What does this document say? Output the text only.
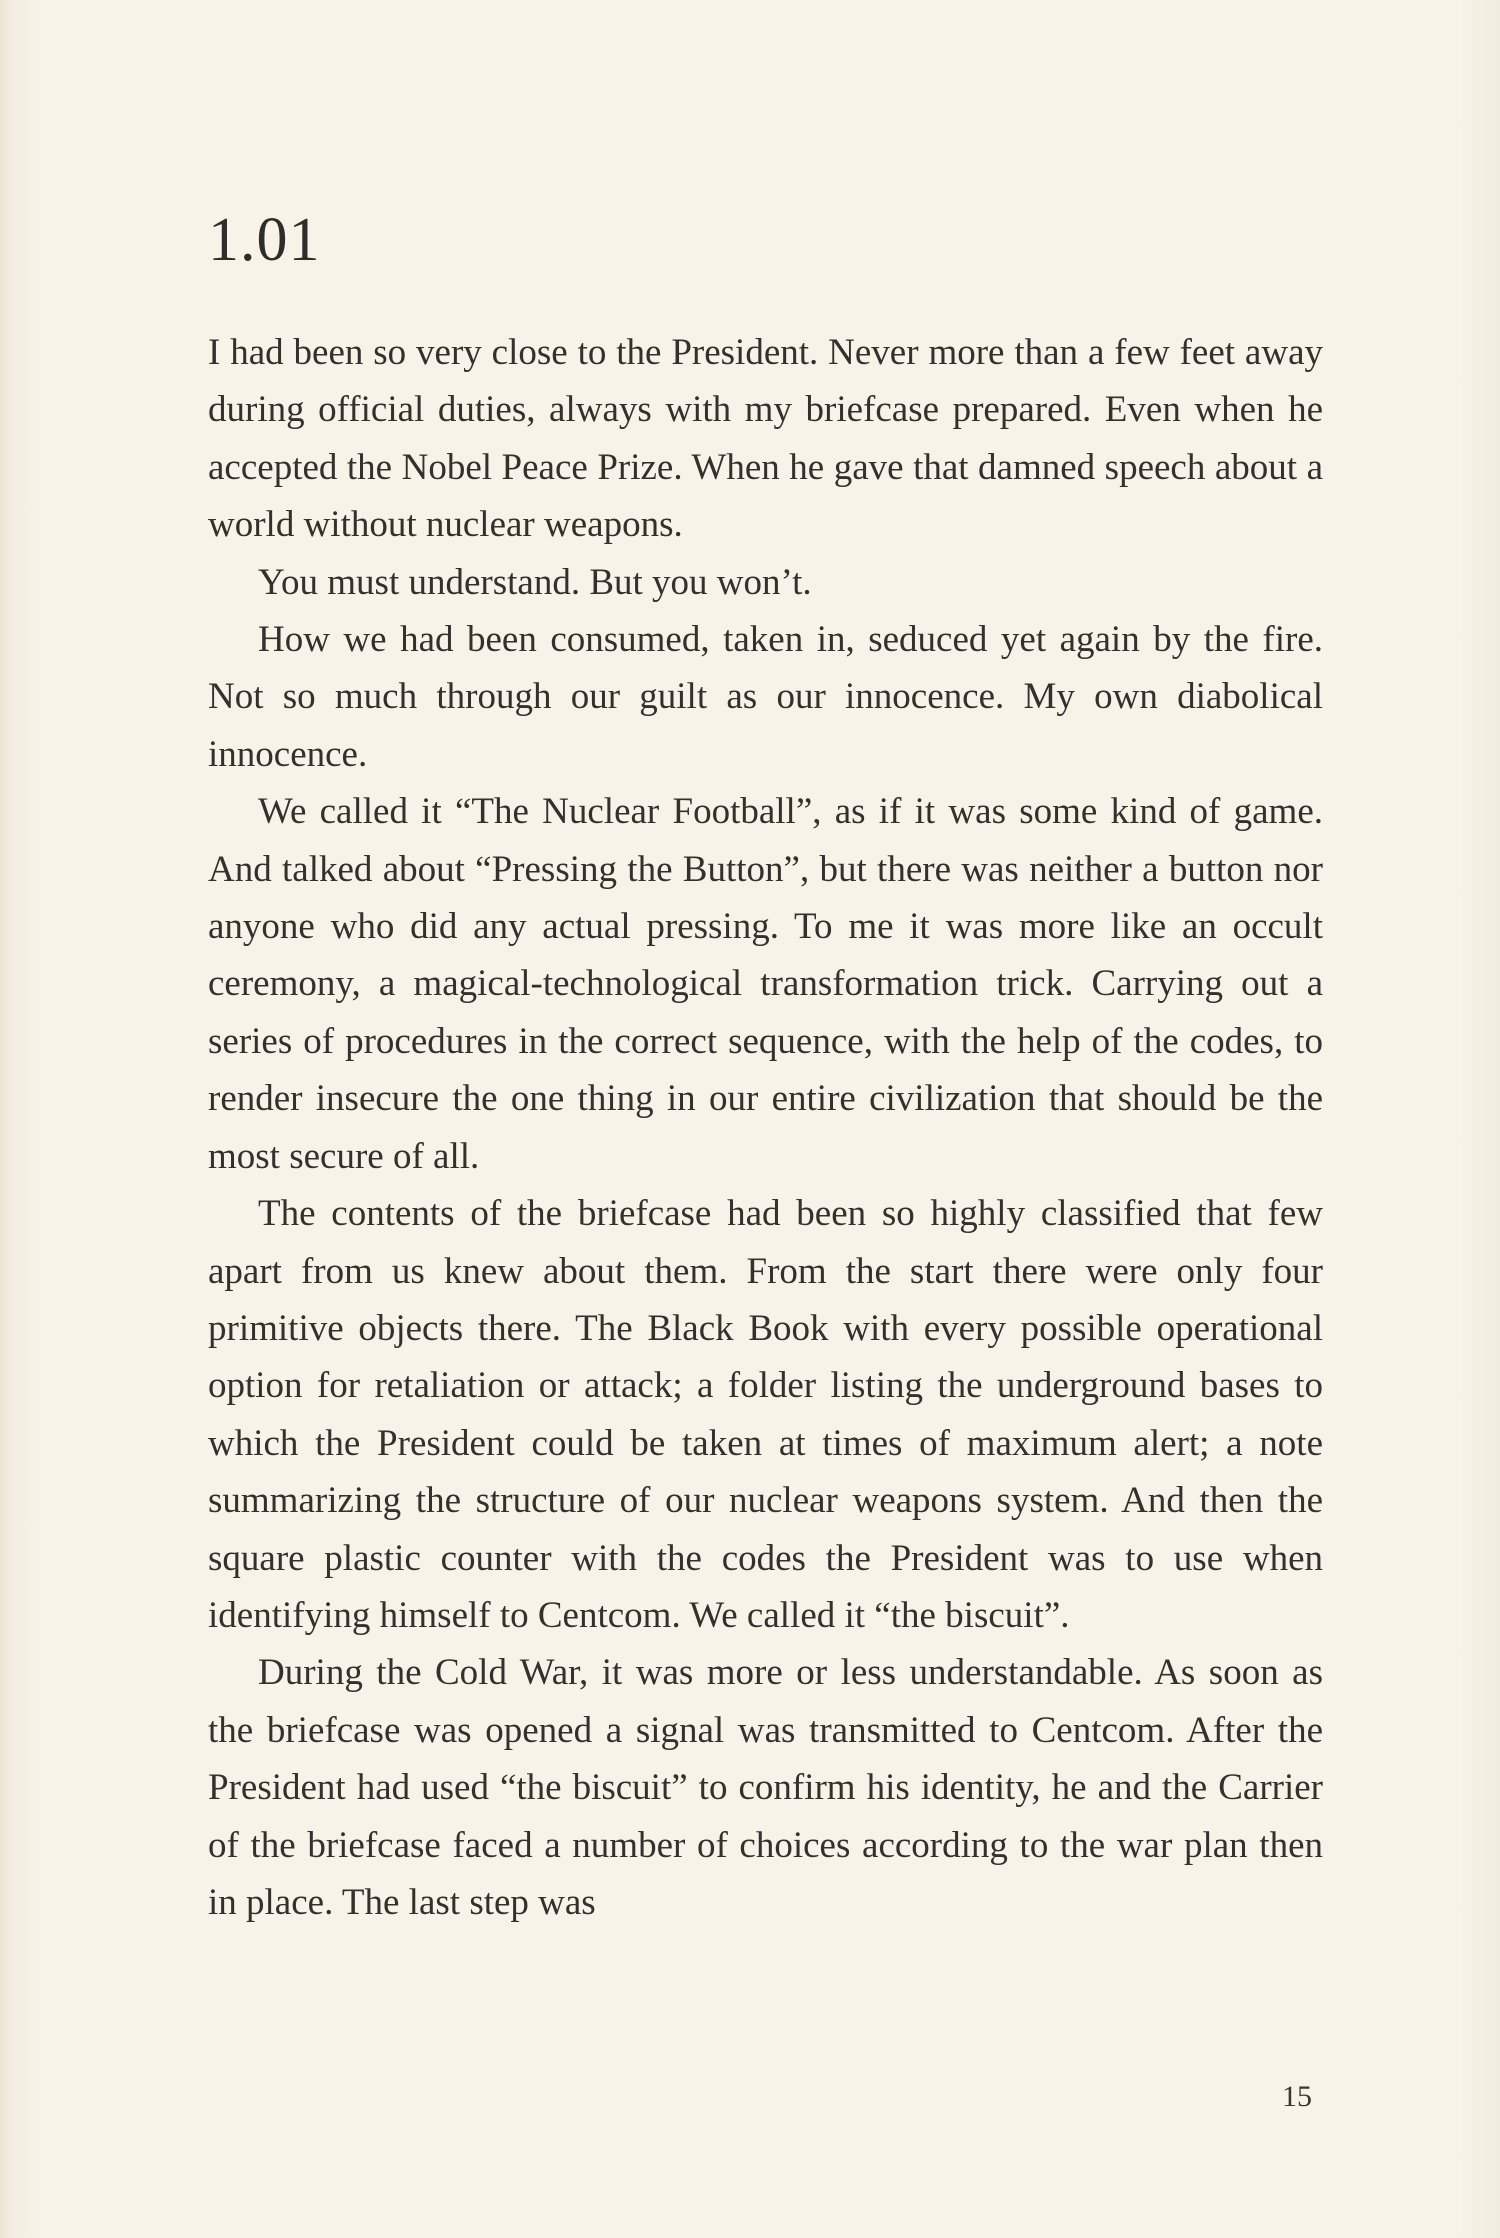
1.01

I had been so very close to the President. Never more than a few feet away during official duties, always with my briefcase prepared. Even when he accepted the Nobel Peace Prize. When he gave that damned speech about a world without nuclear weapons.

You must understand. But you won’t.

How we had been consumed, taken in, seduced yet again by the fire. Not so much through our guilt as our innocence. My own diabolical innocence.

We called it “The Nuclear Football”, as if it was some kind of game. And talked about “Pressing the Button”, but there was neither a button nor anyone who did any actual pressing. To me it was more like an occult ceremony, a magical-technological transformation trick. Carrying out a series of procedures in the correct sequence, with the help of the codes, to render insecure the one thing in our entire civilization that should be the most secure of all.

The contents of the briefcase had been so highly classified that few apart from us knew about them. From the start there were only four primitive objects there. The Black Book with every possible operational option for retaliation or attack; a folder listing the underground bases to which the President could be taken at times of maximum alert; a note summarizing the structure of our nuclear weapons system. And then the square plastic counter with the codes the President was to use when identifying himself to Centcom. We called it “the biscuit”.

During the Cold War, it was more or less understandable. As soon as the briefcase was opened a signal was transmitted to Centcom. After the President had used “the biscuit” to confirm his identity, he and the Carrier of the briefcase faced a number of choices according to the war plan then in place. The last step was

15
